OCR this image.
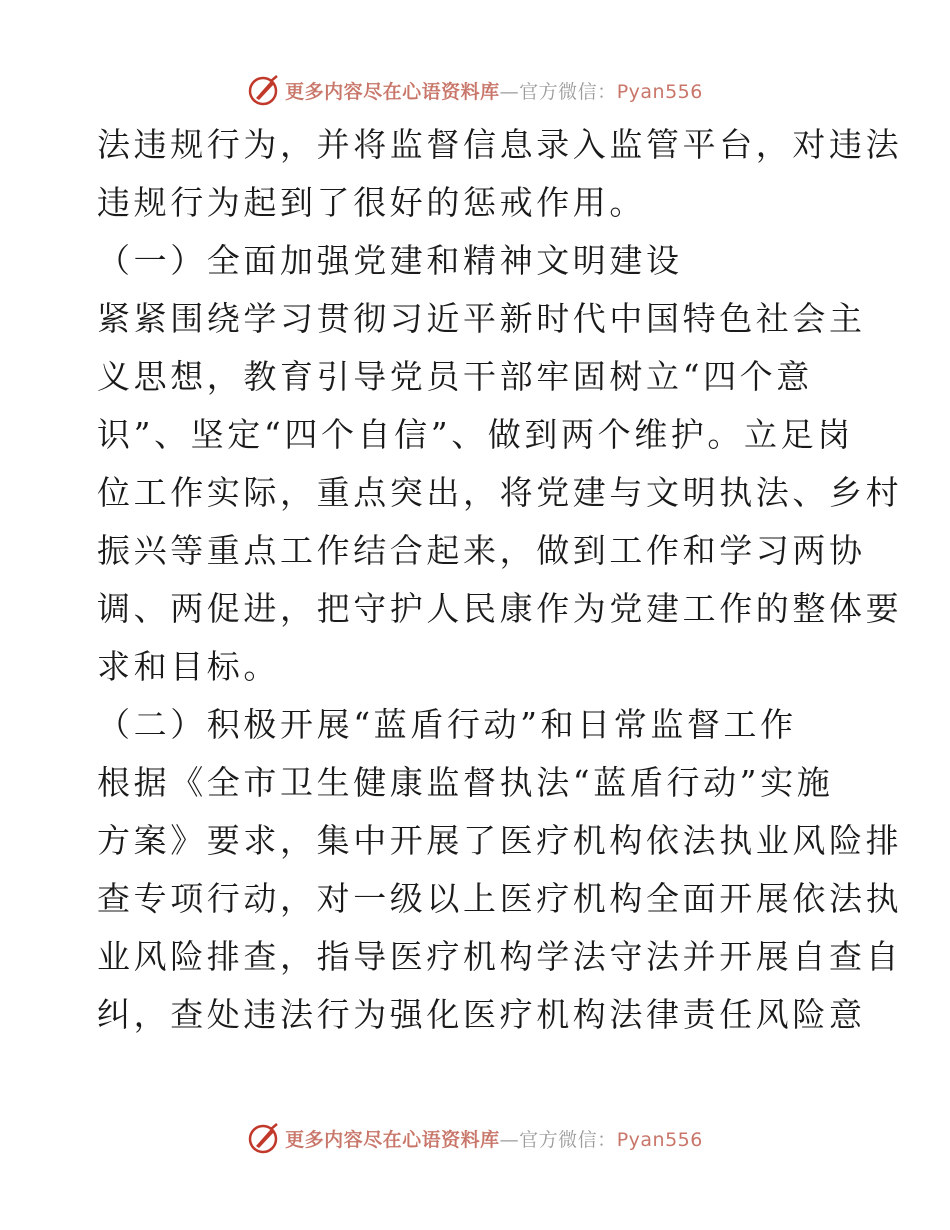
更多内容尽在心语资料库—官方微信：Pyan556
法违规行为，并将监督信息录入监管平台，对违法
违规行为起到了很好的惩戒作用。
（一）全面加强党建和精神文明建设
紧紧围绕学习贯彻习近平新时代中国特色社会主
义思想，教育引导党员干部牢固树立“四个意
识”、坚定“四个自信”、做到两个维护。立足岗
位工作实际，重点突出，将党建与文明执法、乡村
振兴等重点工作结合起来，做到工作和学习两协
调、两促进，把守护人民康作为党建工作的整体要
求和目标。
（二）积极开展“蓝盾行动”和日常监督工作
根据《全市卫生健康监督执法“蓝盾行动”实施
方案》要求，集中开展了医疗机构依法执业风险排
查专项行动，对一级以上医疗机构全面开展依法执
业风险排查，指导医疗机构学法守法并开展自查自
纠，查处违法行为强化医疗机构法律责任风险意
更多内容尽在心语资料库—官方微信：Pyan556
